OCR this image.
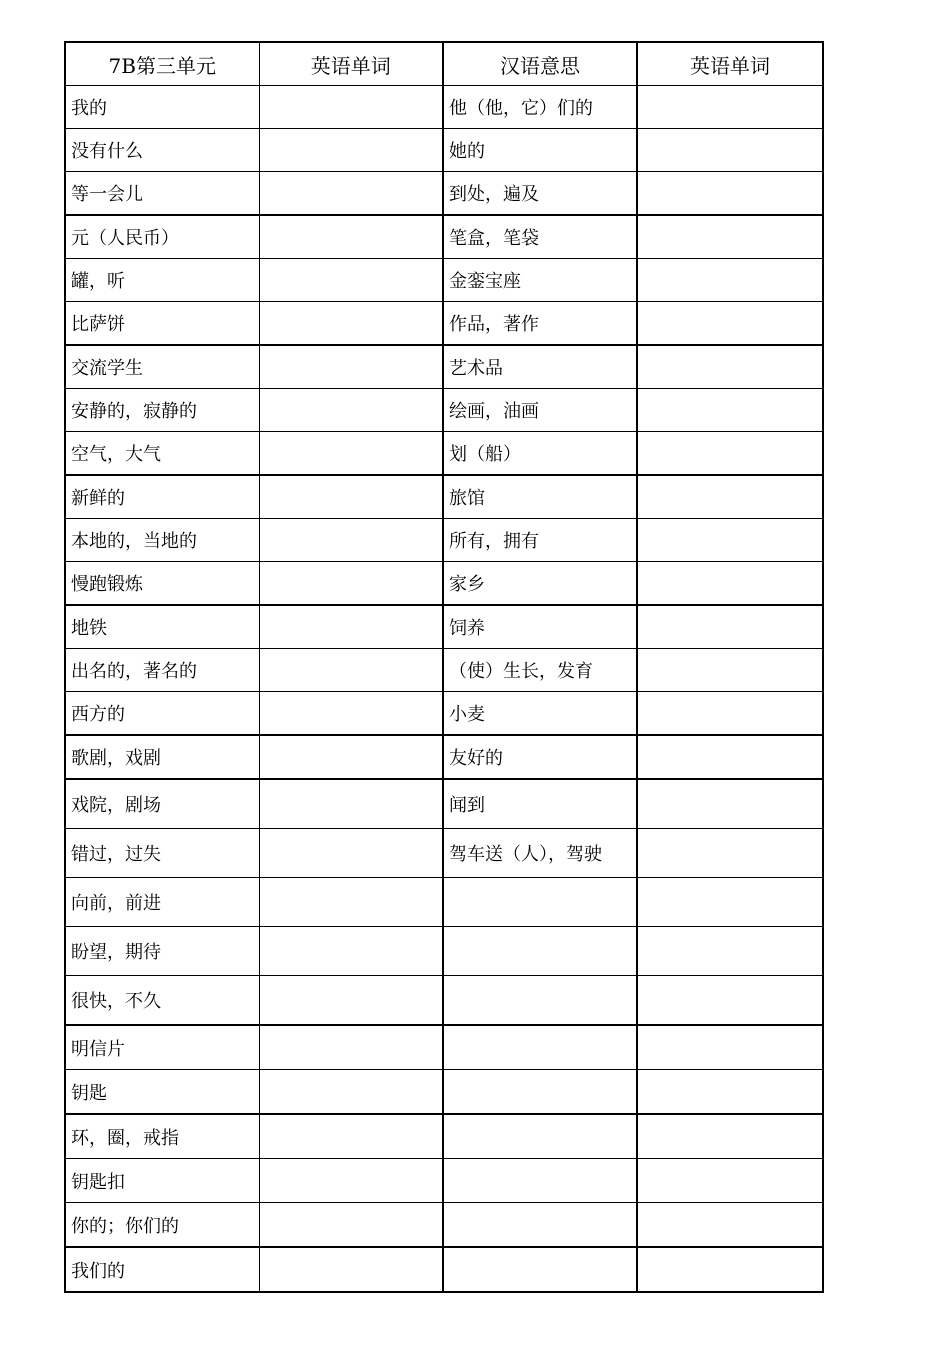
7B第三单元	英语单词	汉语意思	英语单词
我的		他（他，它）们的	
没有什么		她的	
等一会儿		到处，遍及	
元（人民币）		笔盒，笔袋	
罐，听		金銮宝座	
比萨饼		作品，著作	
交流学生		艺术品	
安静的，寂静的		绘画，油画	
空气，大气		划（船）	
新鲜的		旅馆	
本地的，当地的		所有，拥有	
慢跑锻炼		家乡	
地铁		饲养	
出名的，著名的		（使）生长，发育	
西方的		小麦	
歌剧，戏剧		友好的	
戏院，剧场		闻到	
错过，过失		驾车送（人），驾驶	
向前，前进			
盼望，期待			
很快，不久			
明信片			
钥匙			
环，圈，戒指			
钥匙扣			
你的；你们的			
我们的			
